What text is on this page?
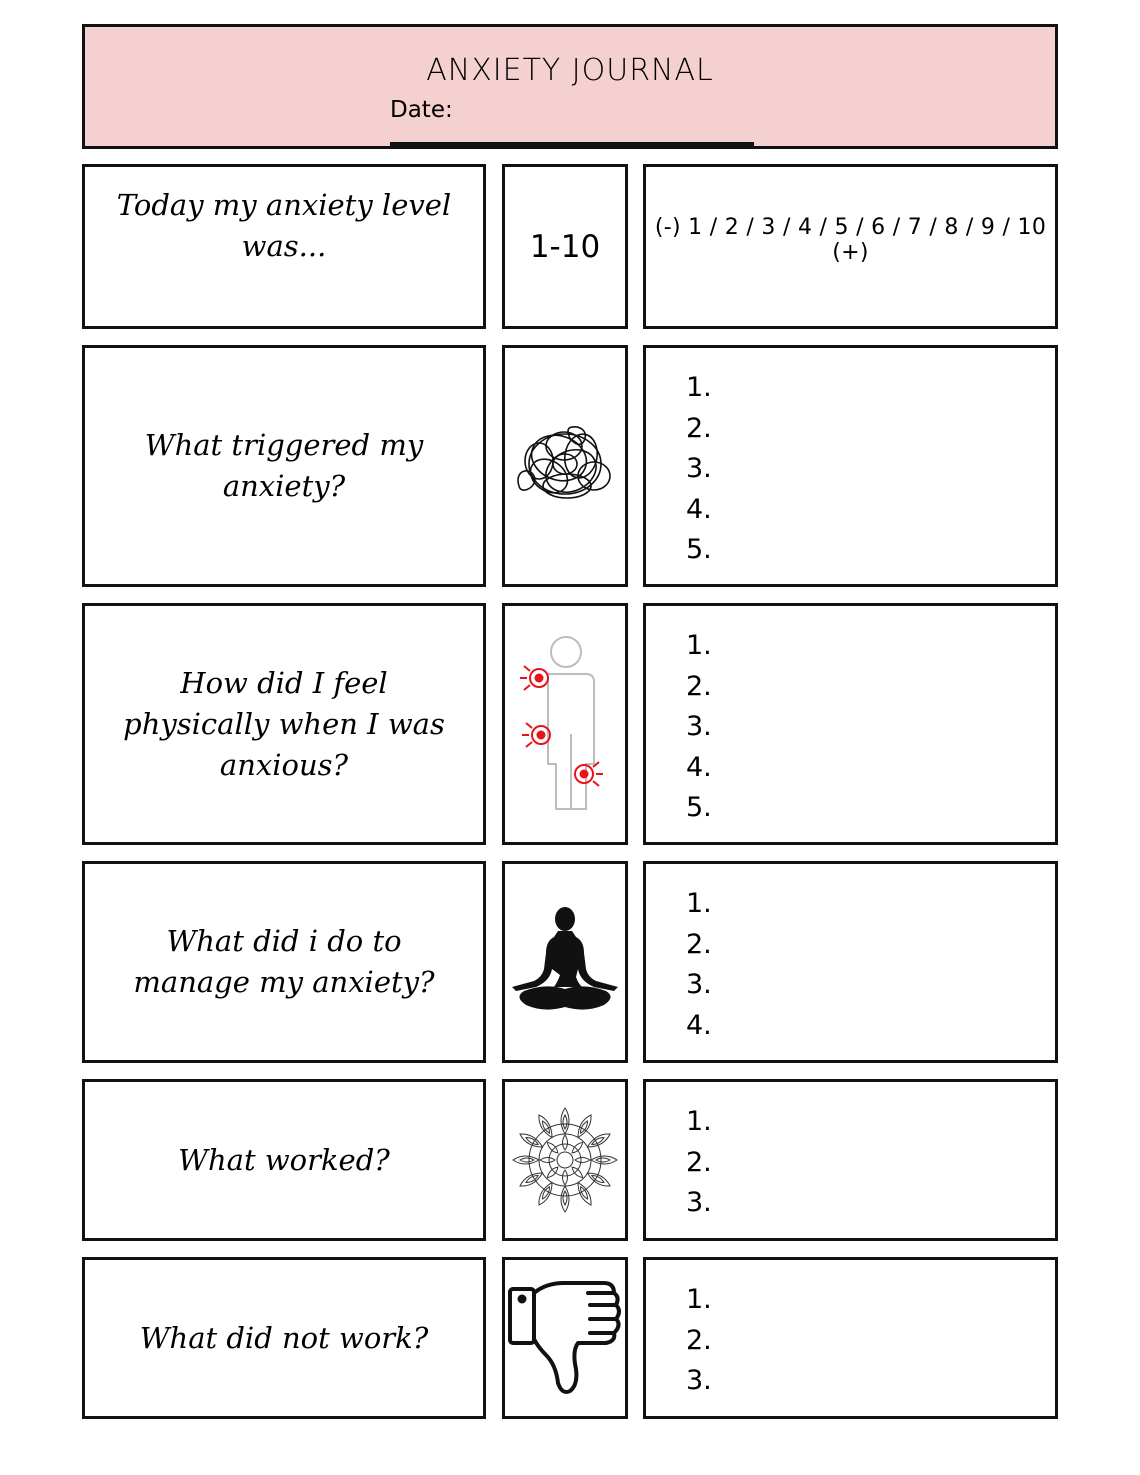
ANXIETY JOURNAL
Date:
Today my anxiety level was...	1-10
(-) 1 / 2 / 3 / 4 / 5 / 6 / 7 / 8 / 9 / 10 (+)
What triggered my anxiety?
1.
2.
3.
4.
5.
How did I feel physically when I was anxious?
1.
2.
3.
4.
5.
What did i do to manage my anxiety?
1.
2.
3.
4.
What worked?
1.
2.
3.
What did not work?
1.
2.
3.
